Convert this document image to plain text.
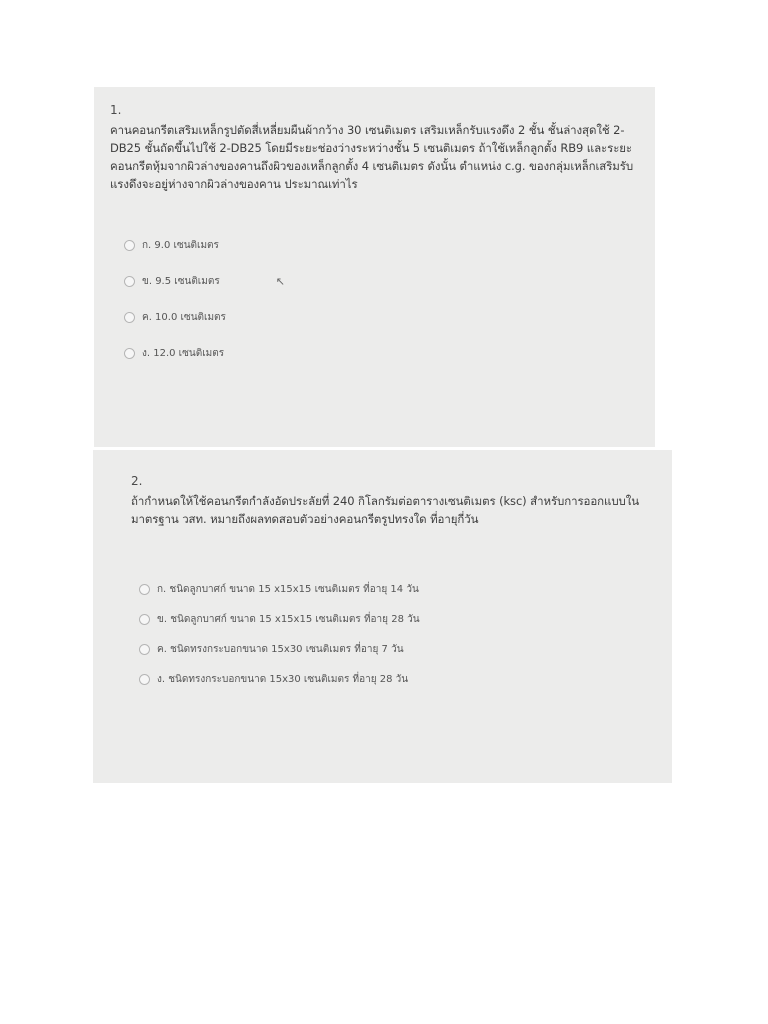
1.
คานคอนกรีตเสริมเหล็กรูปตัดสี่เหลี่ยมผืนผ้ากว้าง 30 เซนติเมตร เสริมเหล็กรับแรงดึง 2 ชั้น ชั้นล่างสุดใช้ 2-DB25 ชั้นถัดขึ้นไปใช้ 2-DB25 โดยมีระยะช่องว่างระหว่างชั้น 5 เซนติเมตร ถ้าใช้เหล็กลูกตั้ง RB9 และระยะคอนกรีตหุ้มจากผิวล่างของคานถึงผิวของเหล็กลูกตั้ง 4 เซนติเมตร ดังนั้น ตำแหน่ง c.g. ของกลุ่มเหล็กเสริมรับแรงดึงจะอยู่ห่างจากผิวล่างของคาน ประมาณเท่าไร
ก. 9.0 เซนติเมตร
ข. 9.5 เซนติเมตร	↖
ค. 10.0 เซนติเมตร
ง. 12.0 เซนติเมตร
2.
ถ้ากำหนดให้ใช้คอนกรีตกำลังอัดประลัยที่ 240 กิโลกรัมต่อตารางเซนติเมตร (ksc) สำหรับการออกแบบในมาตรฐาน วสท. หมายถึงผลทดสอบตัวอย่างคอนกรีตรูปทรงใด ที่อายุกี่วัน
ก. ชนิดลูกบาศก์ ขนาด 15 x15x15 เซนติเมตร ที่อายุ 14 วัน
ข. ชนิดลูกบาศก์ ขนาด 15 x15x15 เซนติเมตร ที่อายุ 28 วัน
ค. ชนิดทรงกระบอกขนาด 15x30 เซนติเมตร ที่อายุ 7 วัน
ง. ชนิดทรงกระบอกขนาด 15x30 เซนติเมตร ที่อายุ 28 วัน
